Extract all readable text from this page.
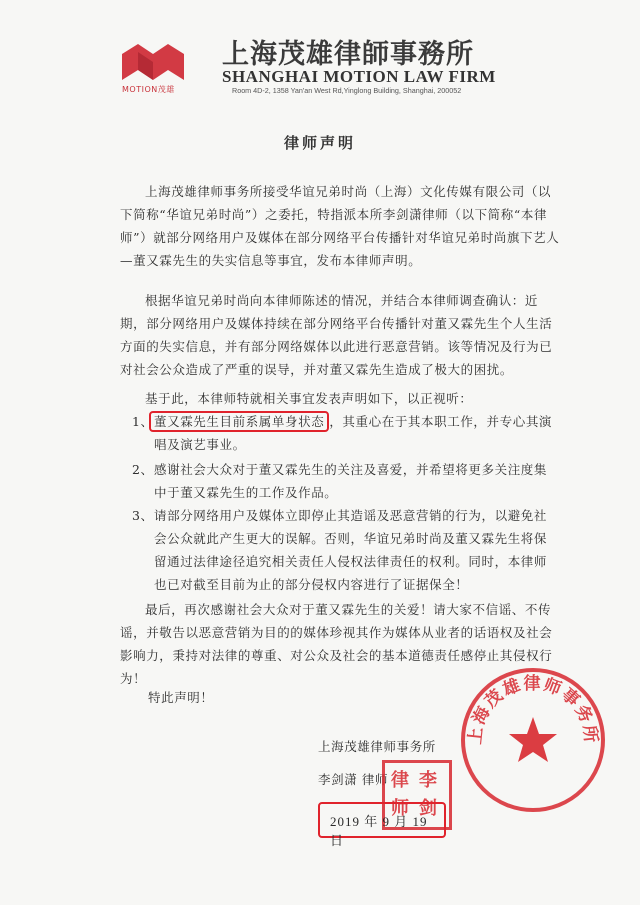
MOTION茂雄
上海茂雄律師事務所
SHANGHAI MOTION LAW FIRM
Room 4D-2, 1358 Yan'an West Rd,Yinglong Building, Shanghai, 200052
律师声明

上海茂雄律师事务所接受华谊兄弟时尚（上海）文化传媒有限公司（以下简称“华谊兄弟时尚”）之委托，特指派本所李剑潇律师（以下简称“本律师”）就部分网络用户及媒体在部分网络平台传播针对华谊兄弟时尚旗下艺人—董又霖先生的失实信息等事宜，发布本律师声明。

根据华谊兄弟时尚向本律师陈述的情况，并结合本律师调查确认：近期，部分网络用户及媒体持续在部分网络平台传播针对董又霖先生个人生活方面的失实信息，并有部分网络媒体以此进行恶意营销。该等情况及行为已对社会公众造成了严重的误导，并对董又霖先生造成了极大的困扰。

基于此，本律师特就相关事宜发表声明如下，以正视听：

1、 董又霖先生目前系属单身状态 ，其重心在于其本职工作，并专心其演唱及演艺事业。
2、 感谢社会大众对于董又霖先生的关注及喜爱，并希望将更多关注度集中于董又霖先生的工作及作品。
3、 请部分网络用户及媒体立即停止其造谣及恶意营销的行为，以避免社会公众就此产生更大的误解。否则，华谊兄弟时尚及董又霖先生将保留通过法律途径追究相关责任人侵权法律责任的权利。同时，本律师也已对截至目前为止的部分侵权内容进行了证据保全！

最后，再次感谢社会大众对于董又霖先生的关爱！请大家不信谣、不传谣，并敬告以恶意营销为目的的媒体珍视其作为媒体从业者的话语权及社会影响力，秉持对法律的尊重、对公众及社会的基本道德责任感停止其侵权行为！

特此声明！
上海茂雄律师事务所
上海茂雄律师事务所
李剑潇 律师 律 李
师 剑
2019 年 9 月 19 日
